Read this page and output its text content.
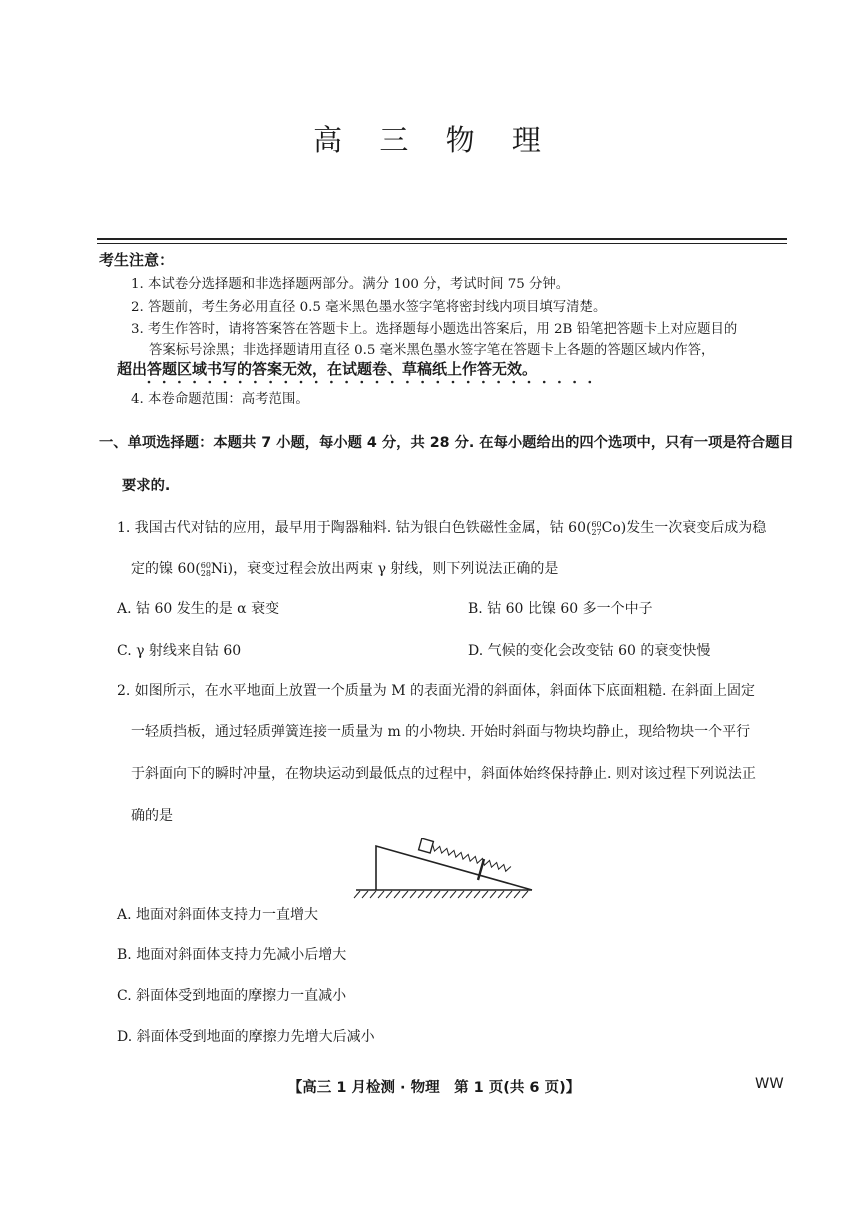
高 三 物 理
考生注意：
1. 本试卷分选择题和非选择题两部分。满分 100 分，考试时间 75 分钟。
2. 答题前，考生务必用直径 0.5 毫米黑色墨水签字笔将密封线内项目填写清楚。
3. 考生作答时，请将答案答在答题卡上。选择题每小题选出答案后，用 2B 铅笔把答题卡上对应题目的
答案标号涂黑；非选择题请用直径 0.5 毫米黑色墨水签字笔在答题卡上各题的答题区域内作答，
超出答题区域书写的答案无效，在试题卷、草稿纸上作答无效。
4. 本卷命题范围：高考范围。
一、单项选择题：本题共 7 小题，每小题 4 分，共 28 分. 在每小题给出的四个选项中，只有一项是符合题目
要求的.
1. 我国古代对钴的应用，最早用于陶器釉料. 钴为银白色铁磁性金属，钴 60(60
27Co)发生一次衰变后成为稳
定的镍 60(60
28Ni)，衰变过程会放出两束 γ 射线，则下列说法正确的是
A. 钴 60 发生的是 α 衰变	B. 钴 60 比镍 60 多一个中子
C. γ 射线来自钴 60	D. 气候的变化会改变钴 60 的衰变快慢
2. 如图所示，在水平地面上放置一个质量为 M 的表面光滑的斜面体，斜面体下底面粗糙. 在斜面上固定
一轻质挡板，通过轻质弹簧连接一质量为 m 的小物块. 开始时斜面与物块均静止，现给物块一个平行
于斜面向下的瞬时冲量，在物块运动到最低点的过程中，斜面体始终保持静止. 则对该过程下列说法正
确的是
A. 地面对斜面体支持力一直增大
B. 地面对斜面体支持力先减小后增大
C. 斜面体受到地面的摩擦力一直减小
D. 斜面体受到地面的摩擦力先增大后减小
【高三 1 月检测 · 物理　第 1 页(共 6 页)】	WW
